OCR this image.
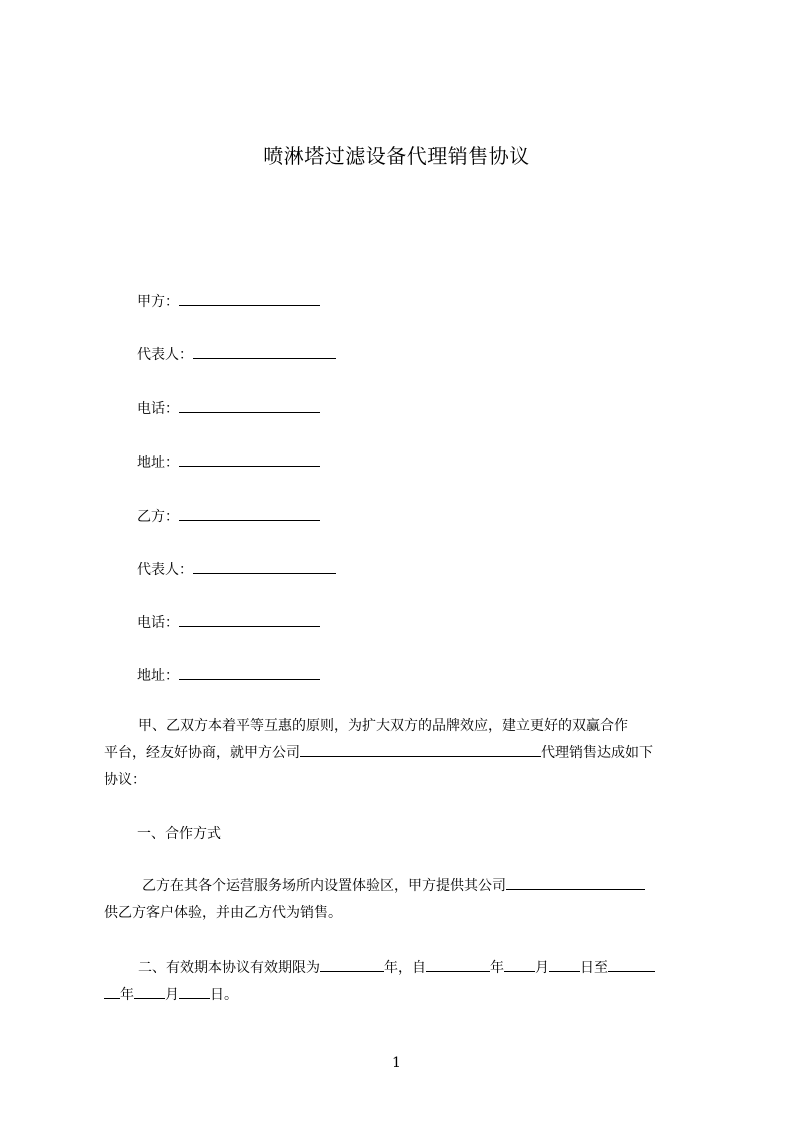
喷淋塔过滤设备代理销售协议
甲方：
代表人：
电话：
地址：
乙方：
代表人：
电话：
地址：
甲、乙双方本着平等互惠的原则，为扩大双方的品牌效应，建立更好的双赢合作
平台，经友好协商，就甲方公司	代理销售达成如下
协议：
一、合作方式
乙方在其各个运营服务场所内设置体验区，甲方提供其公司
供乙方客户体验，并由乙方代为销售。
二、有效期本协议有效期限为	年，自	年 月 日至
年 月 日。
1
